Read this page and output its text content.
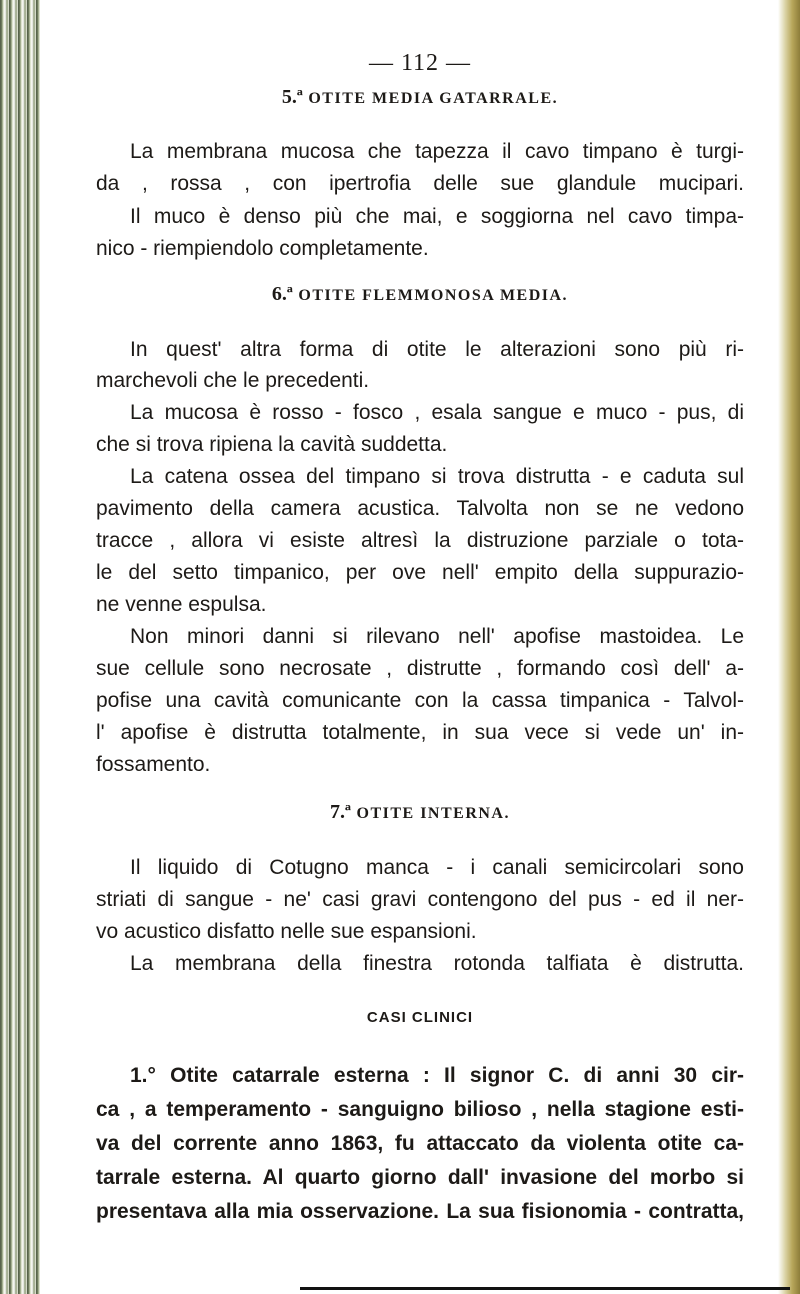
— 112 —
5.ª OTITE MEDIA GATARRALE.
La membrana mucosa che tapezza il cavo timpano è turgi-
da , rossa , con ipertrofia delle sue glandule mucipari.
Il muco è denso più che mai, e soggiorna nel cavo timpa-
nico - riempiendolo completamente.
6.ª OTITE FLEMMONOSA MEDIA.
In quest' altra forma di otite le alterazioni sono più ri-
marchevoli che le precedenti.
La mucosa è rosso - fosco , esala sangue e muco - pus, di
che si trova ripiena la cavità suddetta.
La catena ossea del timpano si trova distrutta - e caduta sul
pavimento della camera acustica. Talvolta non se ne vedono
tracce , allora vi esiste altresì la distruzione parziale o tota-
le del setto timpanico, per ove nell' empito della suppurazio-
ne venne espulsa.
Non minori danni si rilevano nell' apofise mastoidea. Le
sue cellule sono necrosate , distrutte , formando così dell' a-
pofise una cavità comunicante con la cassa timpanica - Talvol-
l' apofise è distrutta totalmente, in sua vece si vede un' in-
fossamento.
7.ª OTITE INTERNA.
Il liquido di Cotugno manca - i canali semicircolari sono
striati di sangue - ne' casi gravi contengono del pus - ed il ner-
vo acustico disfatto nelle sue espansioni.
La membrana della finestra rotonda talfiata è distrutta.
CASI CLINICI
1.° Otite catarrale esterna : Il signor C. di anni 30 cir-
ca , a temperamento - sanguigno bilioso , nella stagione esti-
va del corrente anno 1863, fu attaccato da violenta otite ca-
tarrale esterna. Al quarto giorno dall' invasione del morbo si
presentava alla mia osservazione. La sua fisionomia - contratta,
